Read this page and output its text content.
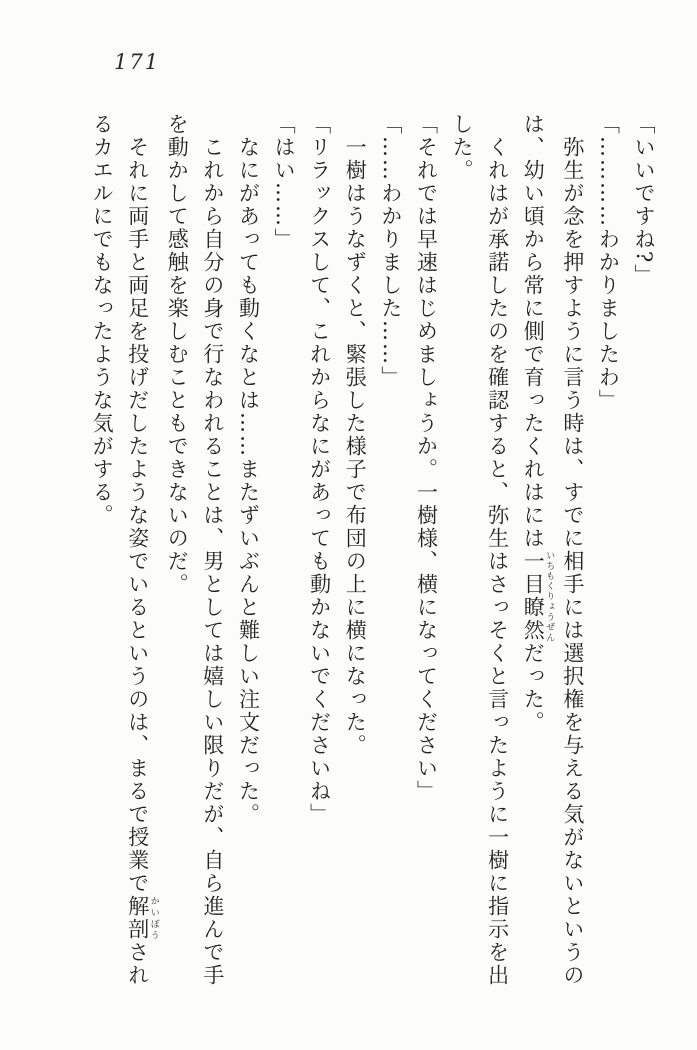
171
「いいですね?」
「…………わかりましたわ」
弥生が念を押すように言う時は、すでに相手には選択権を与える気がないというの
は、幼い頃から常に側で育ったくれはには一目瞭然 いちもくりょうぜんだった。
くれはが承諾したのを確認すると、弥生はさっそくと言ったように一樹に指示を出
した。
「それでは早速はじめましょうか。一樹様、横になってください」
「……わかりました……」
一樹はうなずくと、緊張した様子で布団の上に横になった。
「リラックスして、これからなにがあっても動かないでくださいね」
「はい……」
なにがあっても動くなとは……またずいぶんと難しい注文だった。
これから自分の身で行なわれることは、男としては嬉しい限りだが、自ら進んで手
を動かして感触を楽しむこともできないのだ。
それに両手と両足を投げだしたような姿でいるというのは、まるで授業で解剖 かいぼうされ
るカエルにでもなったような気がする。
